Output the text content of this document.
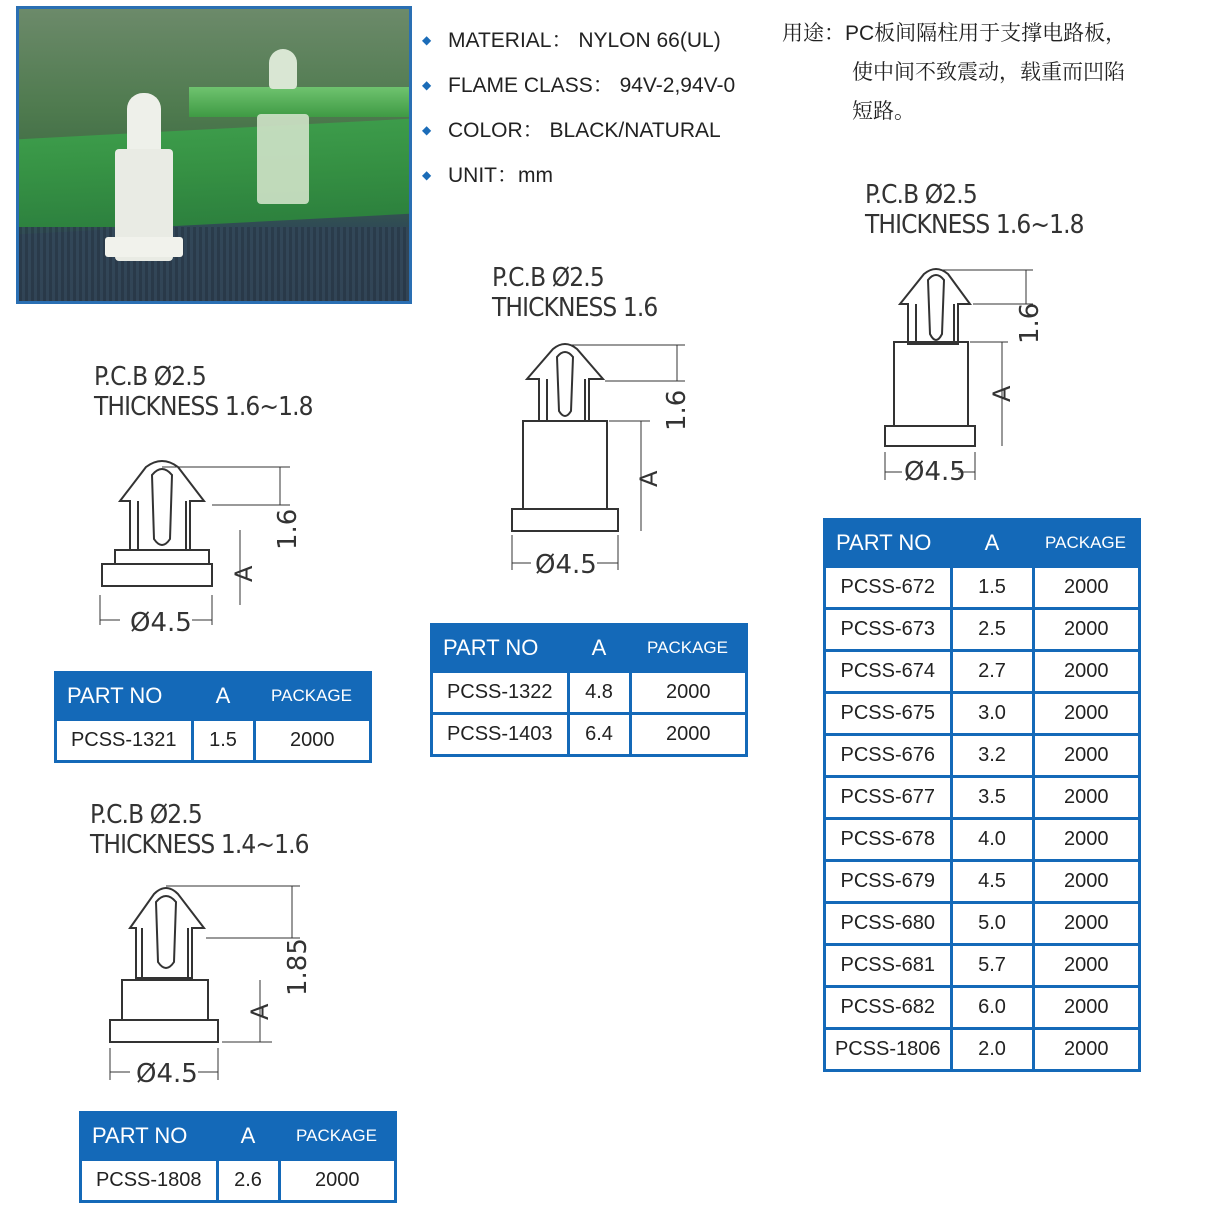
◆ MATERIAL：
NYLON 66(UL)
◆ FLAME CLASS：
94V-2,94V-0
◆ COLOR：
BLACK/NATURAL
◆ UNIT： mm
用途：PC板间隔柱用于支撑电路板，
使中间不致震动，载重而凹陷
短路。
P.C.B Ø2.5
THICKNESS 1.6~1.8
Ø4.5
1.6
A
PART NO	A	PACKAGE
PCSS-1321	1.5	2000
P.C.B Ø2.5
THICKNESS 1.6
Ø4.5
1.6
A
PART NO	A	PACKAGE
PCSS-1322	4.8	2000
PCSS-1403	6.4	2000
P.C.B Ø2.5
THICKNESS 1.4~1.6
Ø4.5
1.85
A
PART NO	A	PACKAGE
PCSS-1808	2.6	2000
P.C.B Ø2.5
THICKNESS 1.6~1.8
Ø4.5
1.6
A
PART NO	A	PACKAGE
PCSS-672	1.5	2000
PCSS-673	2.5	2000
PCSS-674	2.7	2000
PCSS-675	3.0	2000
PCSS-676	3.2	2000
PCSS-677	3.5	2000
PCSS-678	4.0	2000
PCSS-679	4.5	2000
PCSS-680	5.0	2000
PCSS-681	5.7	2000
PCSS-682	6.0	2000
PCSS-1806	2.0	2000
